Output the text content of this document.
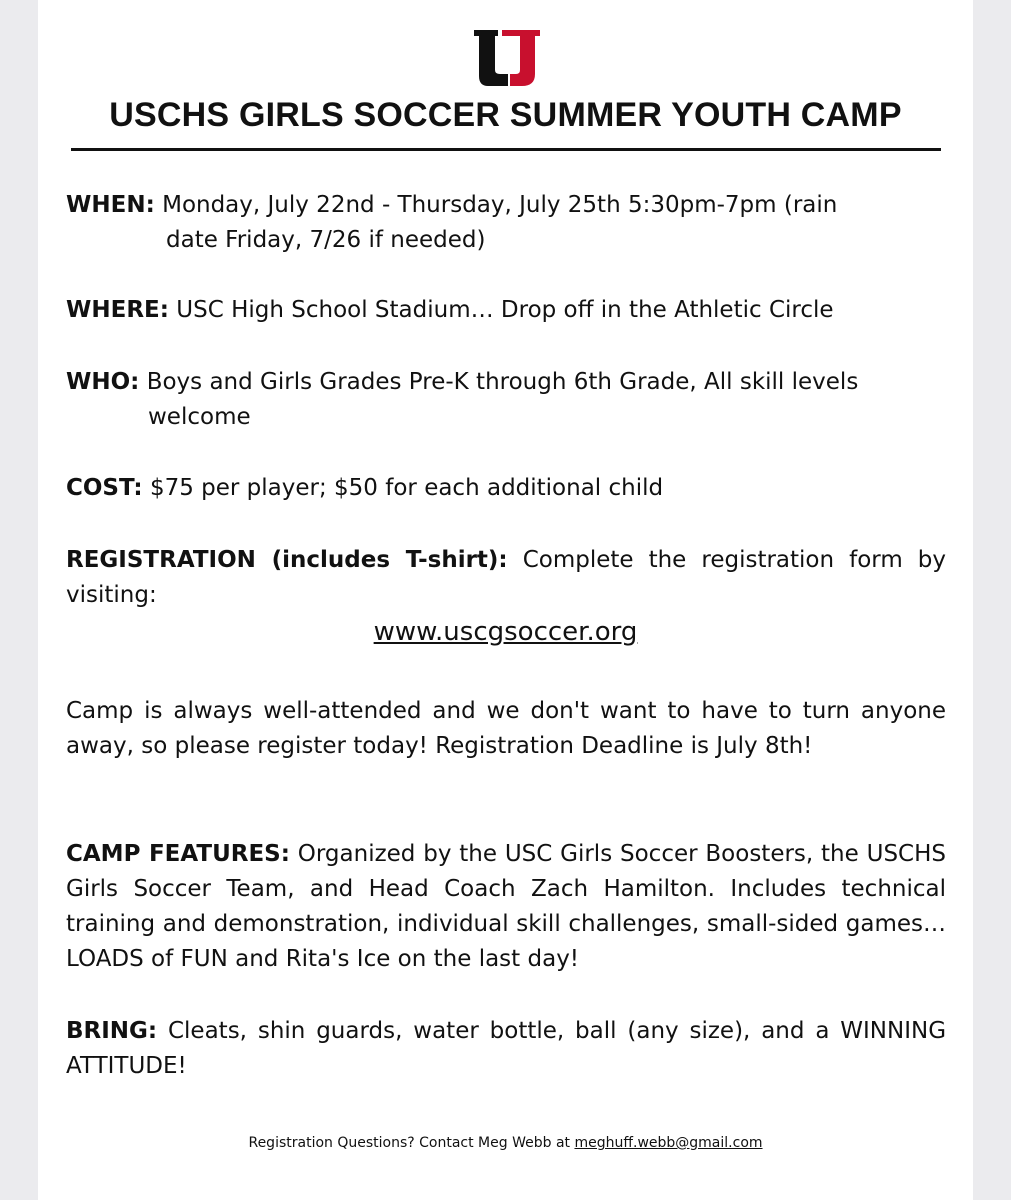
USCHS GIRLS SOCCER SUMMER YOUTH CAMP
WHEN: Monday, July 22nd - Thursday, July 25th 5:30pm-7pm (rain
date Friday, 7/26 if needed)
WHERE: USC High School Stadium… Drop off in the Athletic Circle
WHO: Boys and Girls Grades Pre-K through 6th Grade, All skill levels
welcome
COST: $75 per player; $50 for each additional child
REGISTRATION (includes T-shirt): Complete the registration form by visiting:
www.uscgsoccer.org
Camp is always well-attended and we don't want to have to turn anyone away, so please register today! Registration Deadline is July 8th!
CAMP FEATURES: Organized by the USC Girls Soccer Boosters, the USCHS Girls Soccer Team, and Head Coach Zach Hamilton. Includes technical training and demonstration, individual skill challenges, small-sided games…LOADS of FUN and Rita's Ice on the last day!
BRING: Cleats, shin guards, water bottle, ball (any size), and a WINNING ATTITUDE!
Registration Questions? Contact Meg Webb at meghuff.webb@gmail.com
